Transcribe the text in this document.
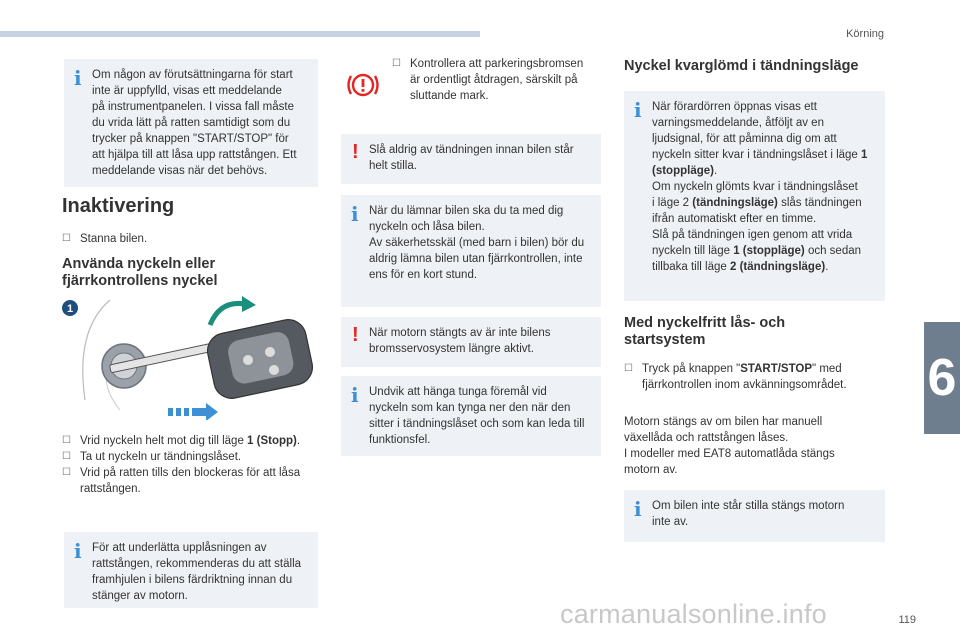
Körning
6
119
carmanualsonline.info
i Om någon av förutsättningarna för start
inte är uppfylld, visas ett meddelande
på instrumentpanelen. I vissa fall måste
du vrida lätt på ratten samtidigt som du
trycker på knappen "START/STOP" för
att hjälpa till att låsa upp rattstången. Ett
meddelande visas när det behövs.

Inaktivering
☐ Stanna bilen.
Använda nyckeln eller
fjärrkontrollens nyckel
1
☐ Vrid nyckeln helt mot dig till läge 1 (Stopp).
☐ Ta ut nyckeln ur tändningslåset.
☐ Vrid på ratten tills den blockeras för att låsa rattstången.
i För att underlätta upplåsningen av
rattstången, rekommenderas du att ställa
framhjulen i bilens färdriktning innan du
stänger av motorn.

☐ Kontrollera att parkeringsbromsen
är ordentligt åtdragen, särskilt på
sluttande mark.
! Slå aldrig av tändningen innan bilen står
helt stilla.

i När du lämnar bilen ska du ta med dig
nyckeln och låsa bilen.
Av säkerhetsskäl (med barn i bilen) bör du
aldrig lämna bilen utan fjärrkontrollen, inte
ens för en kort stund.

! När motorn stängts av är inte bilens
bromsservosystem längre aktivt.

i Undvik att hänga tunga föremål vid
nyckeln som kan tynga ner den när den
sitter i tändningslåset och som kan leda till
funktionsfel.

Nyckel kvarglömd i tändningsläge
i När förardörren öppnas visas ett
varningsmeddelande, åtföljt av en
ljudsignal, för att påminna dig om att
nyckeln sitter kvar i tändningslåset i läge 1
(stoppläge).
Om nyckeln glömts kvar i tändningslåset
i läge 2 (tändningsläge) slås tändningen
ifrån automatiskt efter en timme.
Slå på tändningen igen genom att vrida
nyckeln till läge 1 (stoppläge) och sedan
tillbaka till läge 2 (tändningsläge).

Med nyckelfritt lås- och
startsystem
☐ Tryck på knappen "START/STOP" med
fjärrkontrollen inom avkänningsområdet.
Motorn stängs av om bilen har manuell
växellåda och rattstången låses.
I modeller med EAT8 automatlåda stängs
motorn av.
i Om bilen inte står stilla stängs motorn
inte av.
